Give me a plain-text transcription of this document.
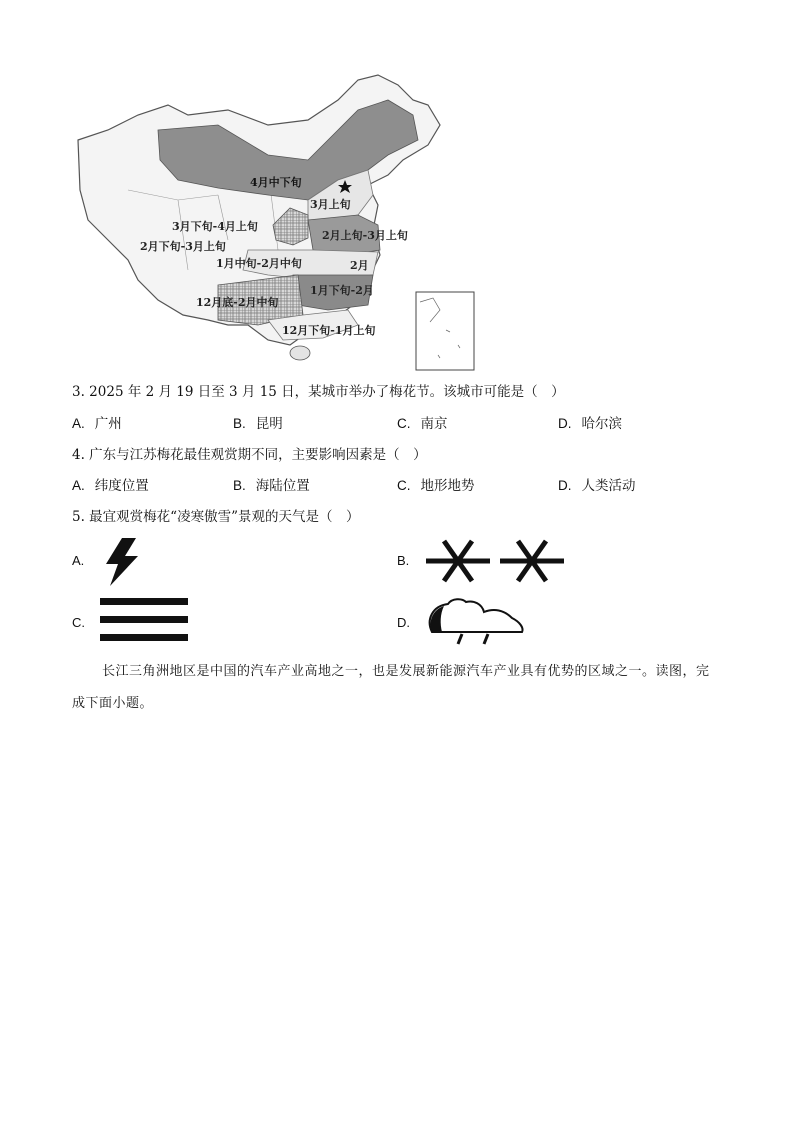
4月中下旬
3月上旬
3月下旬-4月上旬
2月下旬-3月上旬
2月上旬-3月上旬
1月中旬-2月中旬	2月
1月下旬-2月
12月底-2月中旬
12月下旬-1月上旬
3. 2025 年 2 月 19 日至 3 月 15 日，某城市举办了梅花节。该城市可能是（　）
A. 广州	B. 昆明	C. 南京	D. 哈尔滨
4. 广东与江苏梅花最佳观赏期不同，主要影响因素是（　）
A. 纬度位置	B. 海陆位置	C. 地形地势	D. 人类活动
5. 最宜观赏梅花“凌寒傲雪”景观的天气是（　）
A.	B.
C.	D.
长江三角洲地区是中国的汽车产业高地之一，也是发展新能源汽车产业具有优势的区域之一。读图，完成下面小题。
